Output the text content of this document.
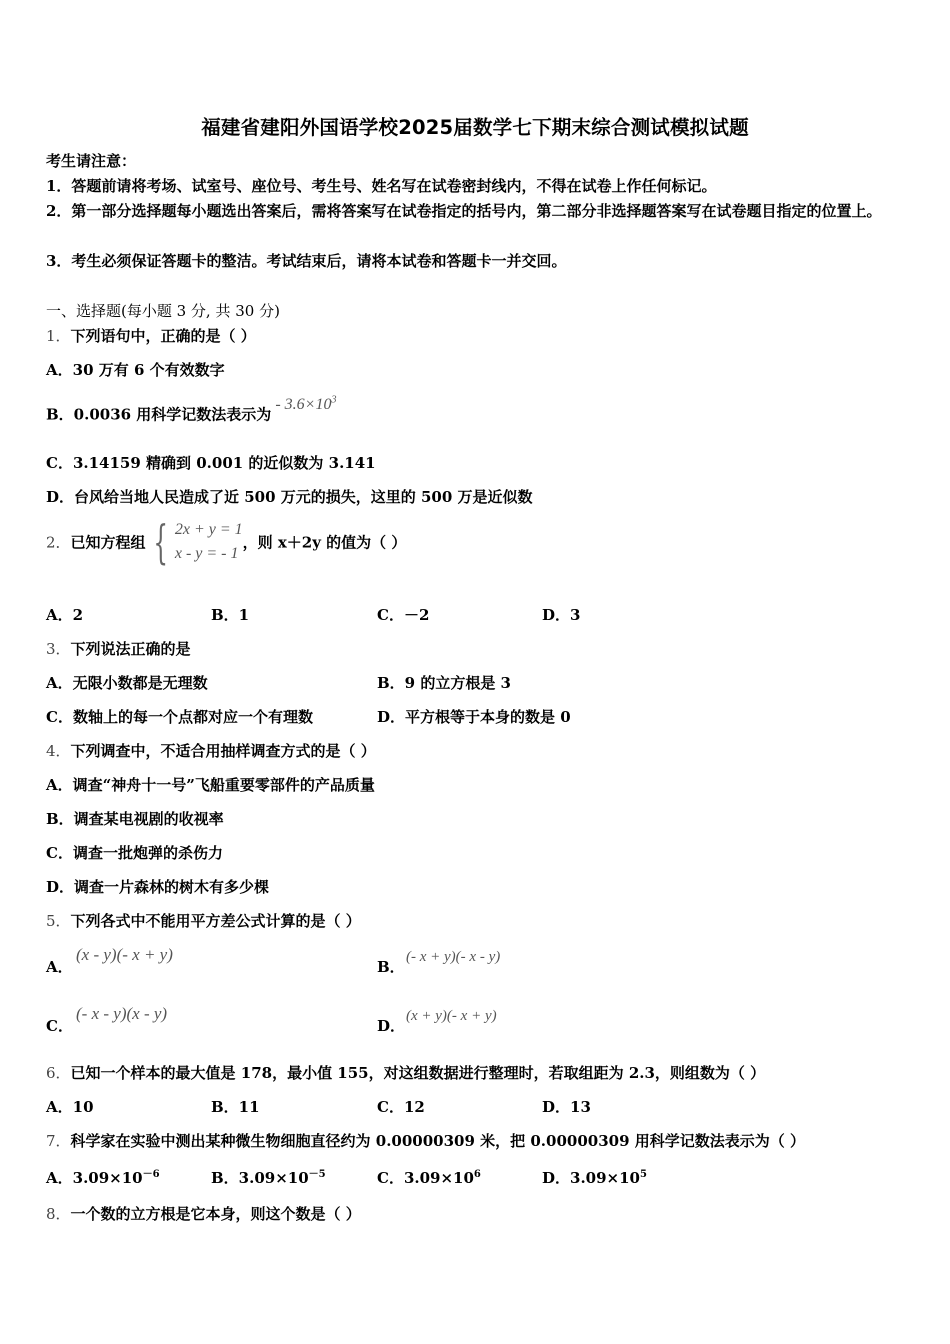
福建省建阳外国语学校2025届数学七下期末综合测试模拟试题
考生请注意：
1．答题前请将考场、试室号、座位号、考生号、姓名写在试卷密封线内，不得在试卷上作任何标记。
2．第一部分选择题每小题选出答案后，需将答案写在试卷指定的括号内，第二部分非选择题答案写在试卷题目指定的位置上。
3．考生必须保证答题卡的整洁。考试结束后，请将本试卷和答题卡一并交回。
一、选择题(每小题 3 分, 共 30 分)
1．下列语句中，正确的是（ ）
A．30 万有 6 个有效数字
B．0.0036 用科学记数法表示为- $3.6\times 10^3$
C．3.14159 精确到 0.001 的近似数为 3.141
D．台风给当地人民造成了近 500 万元的损失，这里的 500 万是近似数
2．已知方程组 { 2x + y = 1
x - y = - 1
，则 x＋2y 的值为（ ）
A．2	B．1	C．－2	D．3
3．下列说法正确的是
A．无限小数都是无理数	B．9 的立方根是 3
C．数轴上的每一个点都对应一个有理数	D．平方根等于本身的数是 0
4．下列调查中，不适合用抽样调查方式的是（ ）
A．调查“神舟十一号”飞船重要零部件的产品质量
B．调查某电视剧的收视率
C．调查一批炮弹的杀伤力
D．调查一片森林的树木有多少棵
5．下列各式中不能用平方差公式计算的是（ ）
A．
(x - y)(- x + y)
B．
(- x + y)(- x - y)
C．
(- x - y)(x - y)
D．
(x + y)(- x + y)
6．已知一个样本的最大值是 178，最小值 155，对这组数据进行整理时，若取组距为 2.3，则组数为（ ）
A．10	B．11	C．12	D．13
7．科学家在实验中测出某种微生物细胞直径约为 0.00000309 米，把 0.00000309 用科学记数法表示为（ ）
A．$3.09\times 10^{-6}$	B．$3.09\times 10^{-5}$	C．$3.09\times 10^6$	D．$3.09\times 10^5$
8．一个数的立方根是它本身，则这个数是（ ）
